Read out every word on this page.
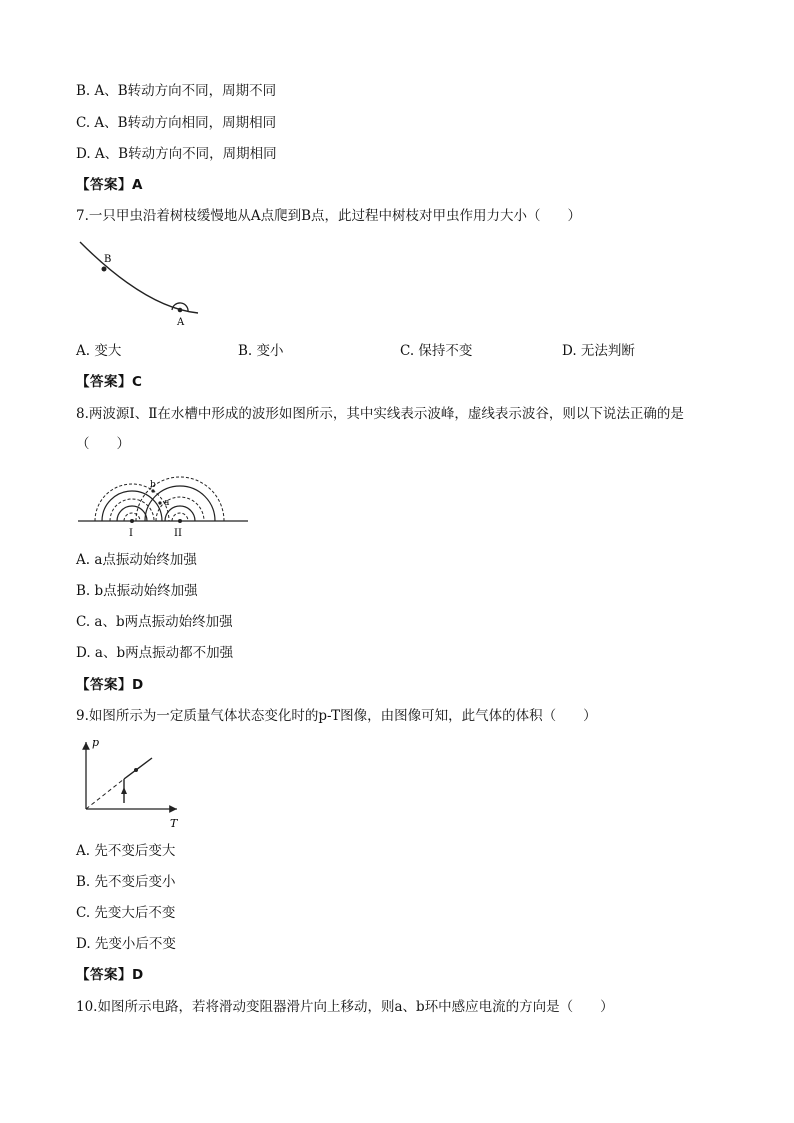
B. A、B转动方向不同，周期不同
C. A、B转动方向相同，周期相同
D. A、B转动方向不同，周期相同
【答案】A
7.一只甲虫沿着树枝缓慢地从A点爬到B点，此过程中树枝对甲虫作用力大小（　　）
B
A
A. 变大	B. 变小	C. 保持不变	D. 无法判断
【答案】C
8.两波源Ⅰ、Ⅱ在水槽中形成的波形如图所示，其中实线表示波峰，虚线表示波谷，则以下说法正确的是
（　　）
I	II
b
a
A. a点振动始终加强
B. b点振动始终加强
C. a、b两点振动始终加强
D. a、b两点振动都不加强
【答案】D
9.如图所示为一定质量气体状态变化时的p-T图像，由图像可知，此气体的体积（　　）
p
T
A. 先不变后变大
B. 先不变后变小
C. 先变大后不变
D. 先变小后不变
【答案】D
10.如图所示电路，若将滑动变阻器滑片向上移动，则a、b环中感应电流的方向是（　　）
